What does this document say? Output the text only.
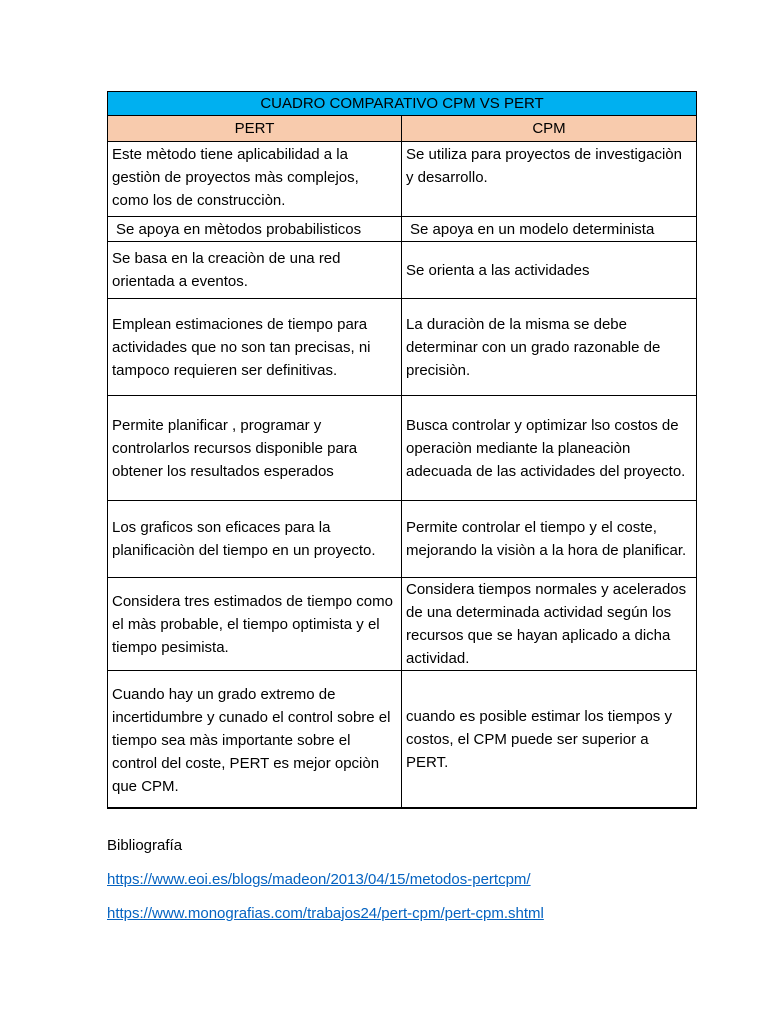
CUADRO COMPARATIVO CPM VS PERT	
PERT	CPM
Este mètodo tiene aplicabilidad a la gestiòn de proyectos màs complejos, como los de construcciòn.	Se utiliza para proyectos de investigaciòn y desarrollo.
Se apoya en mètodos probabilisticos	Se apoya en un modelo determinista
Se basa en la creaciòn de una red orientada a eventos.	Se orienta a las actividades
Emplean estimaciones de tiempo para actividades que no son tan precisas, ni tampoco requieren ser definitivas.	La duraciòn de la misma se debe determinar con un grado razonable de precisiòn.
Permite planificar , programar y controlarlos recursos disponible para obtener los resultados esperados	Busca controlar y optimizar lso costos de operaciòn mediante la planeaciòn adecuada de las actividades del proyecto.
Los graficos son eficaces para la planificaciòn del tiempo en un proyecto.	Permite controlar el tiempo y el coste, mejorando la visiòn a la hora de planificar.
Considera tres estimados de tiempo como el màs probable, el tiempo optimista y el tiempo pesimista.	Considera tiempos normales y acelerados de una determinada actividad según los recursos que se hayan aplicado a dicha actividad.
Cuando hay un grado extremo de incertidumbre y cunado el control sobre el tiempo sea màs importante sobre el control del coste, PERT es mejor opciòn que CPM.	cuando es posible estimar los tiempos y costos, el CPM puede ser superior a PERT.
Bibliografía
https://www.eoi.es/blogs/madeon/2013/04/15/metodos-pertcpm/
https://www.monografias.com/trabajos24/pert-cpm/pert-cpm.shtml
